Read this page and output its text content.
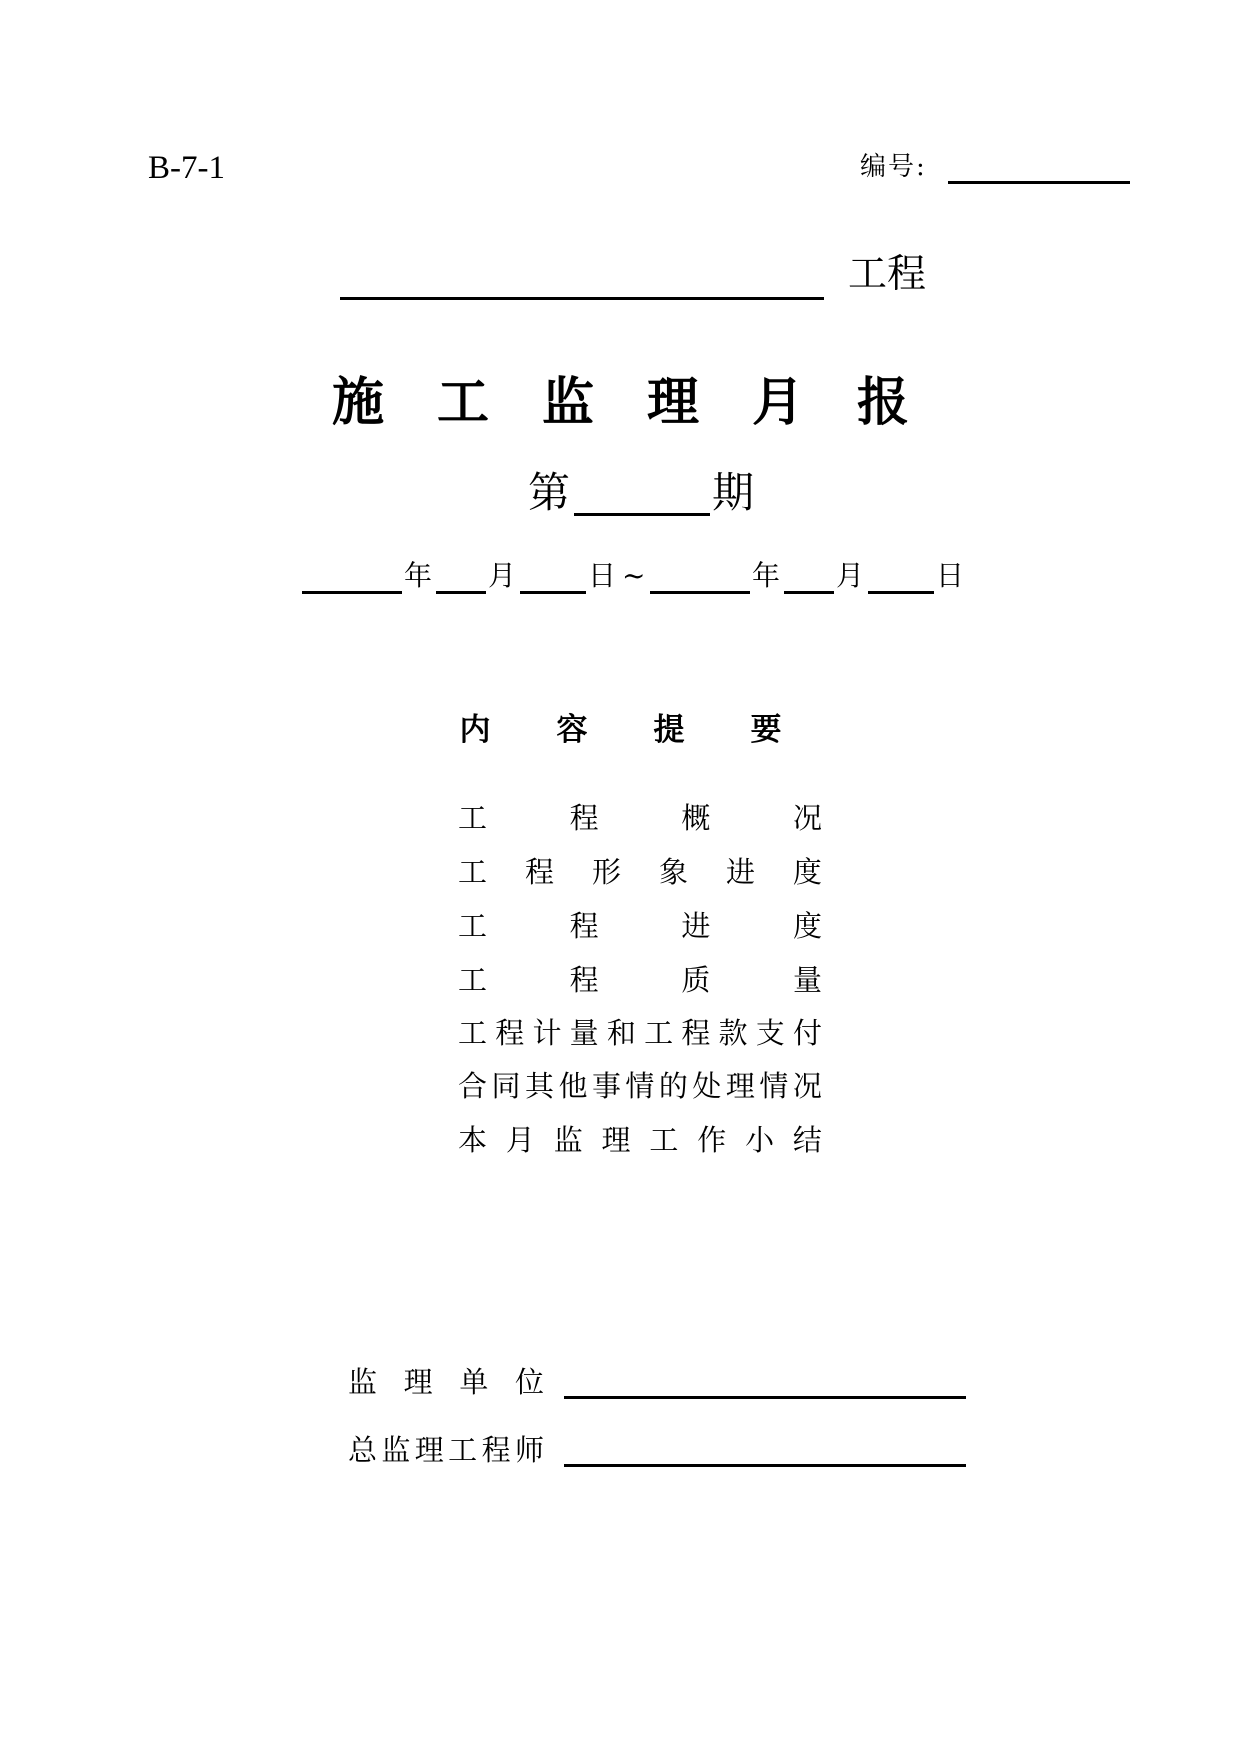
B-7-1	编号:
工程
施工监理月报
第	期
年 月	日 ~	年 月	日
内容提要
工	程	概	况
工 程 形 象 进 度
工	程	进	度
工	程	质	量
工 程 计 量 和 工 程 款 支 付
合 同 其 他 事 情 的 处 理 情 况
本 月 监 理 工 作 小 结
监 理 单 位
总 监 理 工 程 师
